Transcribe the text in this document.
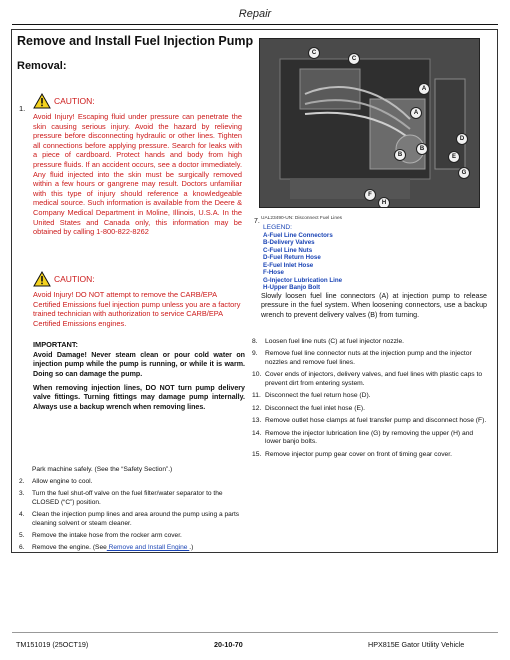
Repair
Remove and Install Fuel Injection Pump
Removal:
1.
CAUTION:
Avoid Injury! Escaping fluid under pressure can penetrate the skin causing serious injury. Avoid the hazard by relieving pressure before disconnecting hydraulic or other lines. Tighten all connections before applying pressure. Search for leaks with a piece of cardboard. Protect hands and body from high pressure fluids. If an accident occurs, see a doctor immediately. Any fluid injected into the skin must be surgically removed within a few hours or gangrene may result. Doctors unfamiliar with this type of injury should reference a knowledgeable medical source. Such information is available from the Deere & Company Medical Department in Moline, Illinois, U.S.A. In the United States and Canada only, this information may be obtained by calling 1-800-822-8262
CAUTION:
Avoid Injury! DO NOT attempt to remove the CARB/EPA Certified Emissions fuel injection pump unless you are a factory trained technician with authorization to service CARB/EPA Certified Emissions engines.
IMPORTANT:
Avoid Damage! Never steam clean or pour cold water on injection pump while the pump is running, or while it is warm. Doing so can damage the pump.
When removing injection lines, DO NOT turn pump delivery valve fittings. Turning fittings may damage pump internally. Always use a backup wrench when removing lines.
Park machine safely. (See the “Safety Section”.)
2. Allow engine to cool.
3. Turn the fuel shut-off valve on the fuel filter/water separator to the CLOSED (“C”) position.
4. Clean the injection pump lines and area around the pump using a parts cleaning solvent or steam cleaner.
5. Remove the intake hose from the rocker arm cover.
6. Remove the engine. (See Remove and Install Engine .)
C
C
A
A
D
B
B	E
G
F
H
7. UAL23490-UN: Disconnect Fuel Lines
LEGEND:
A-Fuel Line Connectors
B-Delivery Valves
C-Fuel Line Nuts
D-Fuel Return Hose
E-Fuel Inlet Hose
F-Hose
G-Injector Lubrication Line
H-Upper Banjo Bolt
Slowly loosen fuel line connectors (A) at injection pump to release pressure in the fuel system. When loosening connectors, use a backup wrench to prevent delivery valves (B) from turning.
8. Loosen fuel line nuts (C) at fuel injector nozzle.
9. Remove fuel line connector nuts at the injection pump and the injector nozzles and remove fuel lines.
10. Cover ends of injectors, delivery valves, and fuel lines with plastic caps to prevent dirt from entering system.
11. Disconnect the fuel return hose (D).
12. Disconnect the fuel inlet hose (E).
13. Remove outlet hose clamps at fuel transfer pump and disconnect hose (F).
14. Remove the injector lubrication line (G) by removing the upper (H) and lower banjo bolts.
15. Remove injector pump gear cover on front of timing gear cover.
TM151019 (25OCT19)	20-10-70	HPX815E Gator Utility Vehicle
